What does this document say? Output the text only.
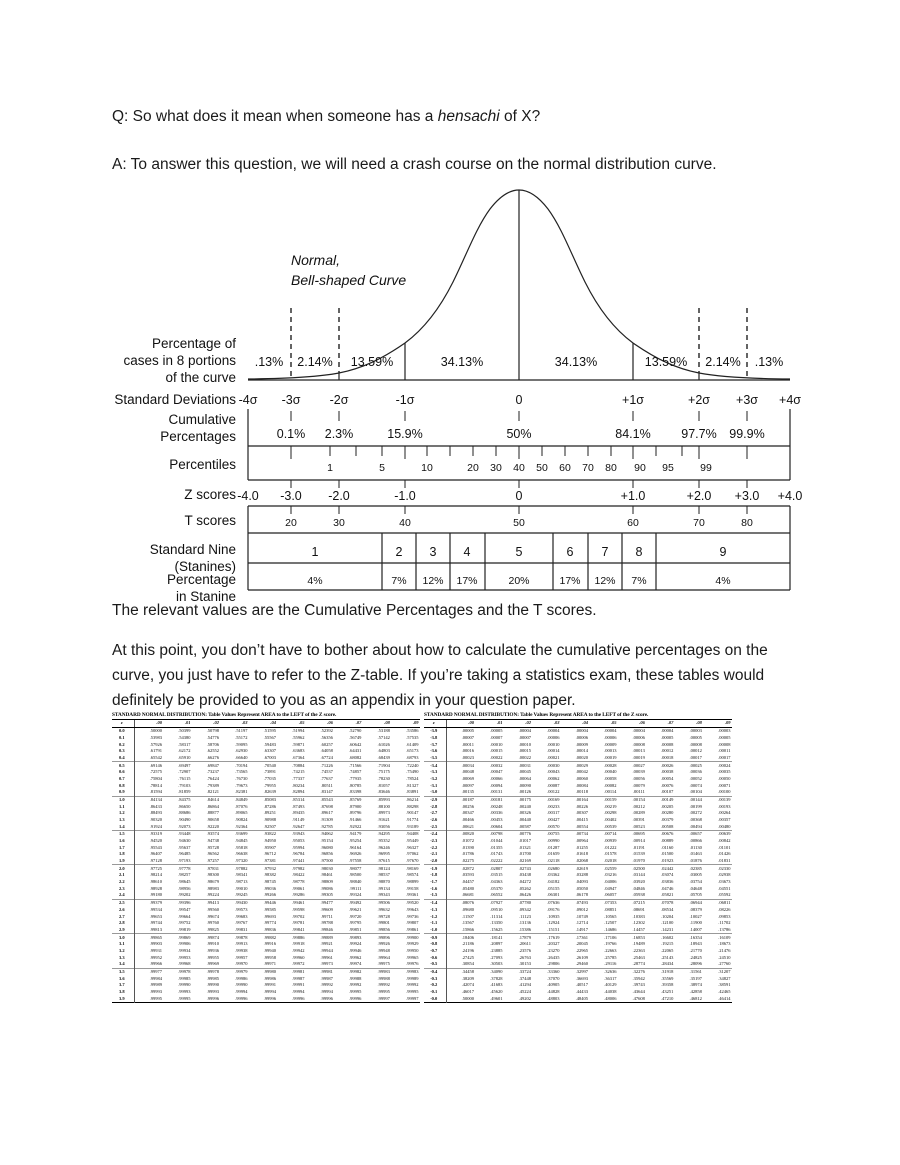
Q: So what does it mean when someone has a hensachi of X?
A: To answer this question, we will need a crash course on the normal distribution curve.
Normal,
Bell-shaped Curve
Percentage of
cases in 8 portions
of the curve
.13% 2.14% 13.59%	34.13%	34.13%	13.59% 2.14% .13%
Standard Deviations -4σ -3σ -2σ	-1σ	0	+1σ	+2σ +3σ +4σ
Cumulative
Percentages	0.1% 2.3%	15.9%	50%	84.1% 97.7% 99.9%
Percentiles	1	5	10	20 30 40 50 60 70 80 90 95	99
Z scores -4.0 -3.0 -2.0	-1.0	0	+1.0	+2.0 +3.0 +4.0
T scores	20	30	40	50	60	70	80
Standard Nine
(Stanines)
1	2 3 4	5	6 7 8	9
Percentage
in Stanine
4%	7% 12% 17%	20%	17% 12% 7%	4%
The relevant values are the Cumulative Percentages and the T scores.
At this point, you don’t have to bother about how to calculate the cumulative percentages on the curve, you just have to refer to the Z-table. If you’re taking a statistics exam, these tables would definitely be provided to you as an appendix in your question paper.
STANDARD NORMAL DISTRIBUTION: Table Values Represent AREA to the LEFT of the Z score.
z	.00	.01	.02	.03	.04	.05	.06	.07	.08	.09
0.0	.50000	.50399	.50798	.51197	.51595	.51994	.52392	.52790	.53188	.53586
0.1	.53983	.54380	.54776	.55172	.55567	.55962	.56356	.56749	.57142	.57535
0.2	.57926	.58317	.58706	.59095	.59483	.59871	.60257	.60642	.61026	.61409
0.3	.61791	.62172	.62552	.62930	.63307	.63683	.64058	.64431	.64803	.65173
0.4	.65542	.65910	.66276	.66640	.67003	.67364	.67724	.68082	.68439	.68793
0.5	.69146	.69497	.69847	.70194	.70540	.70884	.71226	.71566	.71904	.72240
0.6	.72575	.72907	.73237	.73565	.73891	.74215	.74537	.74857	.75175	.75490
0.7	.75804	.76115	.76424	.76730	.77035	.77337	.77637	.77935	.78230	.78524
0.8	.78814	.79103	.79389	.79673	.79955	.80234	.80511	.80785	.81057	.81327
0.9	.81594	.81859	.82121	.82381	.82639	.82894	.83147	.83398	.83646	.83891
1.0	.84134	.84375	.84614	.84849	.85083	.85314	.85543	.85769	.85993	.86214
1.1	.86433	.86650	.86864	.87076	.87286	.87493	.87698	.87900	.88100	.88298
1.2	.88493	.88686	.88877	.89065	.89251	.89435	.89617	.89796	.89973	.90147
1.3	.90320	.90490	.90658	.90824	.90988	.91149	.91309	.91466	.91621	.91774
1.4	.91924	.92073	.92220	.92364	.92507	.92647	.92785	.92922	.93056	.93189
1.5	.93319	.93448	.93574	.93699	.93822	.93943	.94062	.94179	.94295	.94408
1.6	.94520	.94630	.94738	.94845	.94950	.95053	.95154	.95254	.95352	.95449
1.7	.95543	.95637	.95728	.95818	.95907	.95994	.96080	.96164	.96246	.96327
1.8	.96407	.96485	.96562	.96638	.96712	.96784	.96856	.96926	.96995	.97062
1.9	.97128	.97193	.97257	.97320	.97381	.97441	.97500	.97558	.97615	.97670
2.0	.97725	.97778	.97831	.97882	.97932	.97982	.98030	.98077	.98124	.98169
2.1	.98214	.98257	.98300	.98341	.98382	.98422	.98461	.98500	.98537	.98574
2.2	.98610	.98645	.98679	.98713	.98745	.98778	.98809	.98840	.98870	.98899
2.3	.98928	.98956	.98983	.99010	.99036	.99061	.99086	.99111	.99134	.99158
2.4	.99180	.99202	.99224	.99245	.99266	.99286	.99305	.99324	.99343	.99361
2.5	.99379	.99396	.99413	.99430	.99446	.99461	.99477	.99492	.99506	.99520
2.6	.99534	.99547	.99560	.99573	.99585	.99598	.99609	.99621	.99632	.99643
2.7	.99653	.99664	.99674	.99683	.99693	.99702	.99711	.99720	.99728	.99736
2.8	.99744	.99752	.99760	.99767	.99774	.99781	.99788	.99795	.99801	.99807
2.9	.99813	.99819	.99825	.99831	.99836	.99841	.99846	.99851	.99856	.99861
3.0	.99865	.99869	.99874	.99878	.99882	.99886	.99889	.99893	.99896	.99900
3.1	.99903	.99906	.99910	.99913	.99916	.99918	.99921	.99924	.99926	.99929
3.2	.99931	.99934	.99936	.99938	.99940	.99942	.99944	.99946	.99948	.99950
3.3	.99952	.99953	.99955	.99957	.99958	.99960	.99961	.99962	.99964	.99965
3.4	.99966	.99968	.99969	.99970	.99971	.99972	.99973	.99974	.99975	.99976
3.5	.99977	.99978	.99978	.99979	.99980	.99981	.99981	.99982	.99983	.99983
3.6	.99984	.99985	.99985	.99986	.99986	.99987	.99987	.99988	.99988	.99989
3.7	.99989	.99990	.99990	.99990	.99991	.99991	.99992	.99992	.99992	.99992
3.8	.99993	.99993	.99993	.99994	.99994	.99994	.99994	.99995	.99995	.99995
3.9	.99995	.99995	.99996	.99996	.99996	.99996	.99996	.99996	.99997	.99997
STANDARD NORMAL DISTRIBUTION: Table Values Represent AREA to the LEFT of the Z score.
z	.00	.01	.02	.03	.04	.05	.06	.07	.08	.09
-3.9	.00005	.00005	.00004	.00004	.00004	.00004	.00004	.00004	.00003	.00003
-3.8	.00007	.00007	.00007	.00006	.00006	.00006	.00006	.00005	.00005	.00005
-3.7	.00011	.00010	.00010	.00010	.00009	.00009	.00008	.00008	.00008	.00008
-3.6	.00016	.00015	.00015	.00014	.00014	.00013	.00013	.00012	.00012	.00011
-3.5	.00023	.00022	.00022	.00021	.00020	.00019	.00019	.00018	.00017	.00017
-3.4	.00034	.00032	.00031	.00030	.00029	.00028	.00027	.00026	.00025	.00024
-3.3	.00048	.00047	.00045	.00043	.00042	.00040	.00039	.00038	.00036	.00035
-3.2	.00069	.00066	.00064	.00062	.00060	.00058	.00056	.00054	.00052	.00050
-3.1	.00097	.00094	.00090	.00087	.00084	.00082	.00079	.00076	.00074	.00071
-3.0	.00135	.00131	.00126	.00122	.00118	.00114	.00111	.00107	.00104	.00100
-2.9	.00187	.00181	.00175	.00169	.00164	.00159	.00154	.00149	.00144	.00139
-2.8	.00256	.00248	.00240	.00233	.00226	.00219	.00212	.00205	.00199	.00193
-2.7	.00347	.00336	.00326	.00317	.00307	.00298	.00289	.00280	.00272	.00264
-2.6	.00466	.00453	.00440	.00427	.00415	.00402	.00391	.00379	.00368	.00357
-2.5	.00621	.00604	.00587	.00570	.00554	.00539	.00523	.00508	.00494	.00480
-2.4	.00820	.00798	.00776	.00755	.00734	.00714	.00695	.00676	.00657	.00639
-2.3	.01072	.01044	.01017	.00990	.00964	.00939	.00914	.00889	.00866	.00842
-2.2	.01390	.01355	.01321	.01287	.01255	.01222	.01191	.01160	.01130	.01101
-2.1	.01786	.01743	.01700	.01659	.01618	.01578	.01539	.01500	.01463	.01426
-2.0	.02275	.02222	.02169	.02118	.02068	.02018	.01970	.01923	.01876	.01831
-1.9	.02872	.02807	.02743	.02680	.02619	.02559	.02500	.02442	.02385	.02330
-1.8	.03593	.03515	.03438	.03362	.03288	.03216	.03144	.03074	.03005	.02938
-1.7	.04457	.04363	.04272	.04182	.04093	.04006	.03920	.03836	.03754	.03673
-1.6	.05480	.05370	.05262	.05155	.05050	.04947	.04846	.04746	.04648	.04551
-1.5	.06681	.06552	.06426	.06301	.06178	.06057	.05938	.05821	.05705	.05592
-1.4	.08076	.07927	.07780	.07636	.07493	.07353	.07215	.07078	.06944	.06811
-1.3	.09680	.09510	.09342	.09176	.09012	.08851	.08691	.08534	.08379	.08226
-1.2	.11507	.11314	.11123	.10935	.10749	.10565	.10383	.10204	.10027	.09853
-1.1	.13567	.13350	.13136	.12924	.12714	.12507	.12302	.12100	.11900	.11702
-1.0	.15866	.15625	.15386	.15151	.14917	.14686	.14457	.14231	.14007	.13786
-0.9	.18406	.18141	.17879	.17619	.17361	.17106	.16853	.16602	.16354	.16109
-0.8	.21186	.20897	.20611	.20327	.20045	.19766	.19489	.19215	.18943	.18673
-0.7	.24196	.23885	.23576	.23270	.22965	.22663	.22363	.22065	.21770	.21476
-0.6	.27425	.27093	.26763	.26435	.26109	.25785	.25463	.25143	.24825	.24510
-0.5	.30854	.30503	.30153	.29806	.29460	.29116	.28774	.28434	.28096	.27760
-0.4	.34458	.34090	.33724	.33360	.32997	.32636	.32276	.31918	.31561	.31207
-0.3	.38209	.37828	.37448	.37070	.36693	.36317	.35942	.35569	.35197	.34827
-0.2	.42074	.41683	.41294	.40905	.40517	.40129	.39743	.39358	.38974	.38591
-0.1	.46017	.45620	.45224	.44828	.44433	.44038	.43644	.43251	.42858	.42465
-0.0	.50000	.49601	.49202	.48803	.48405	.48006	.47608	.47210	.46812	.46414
